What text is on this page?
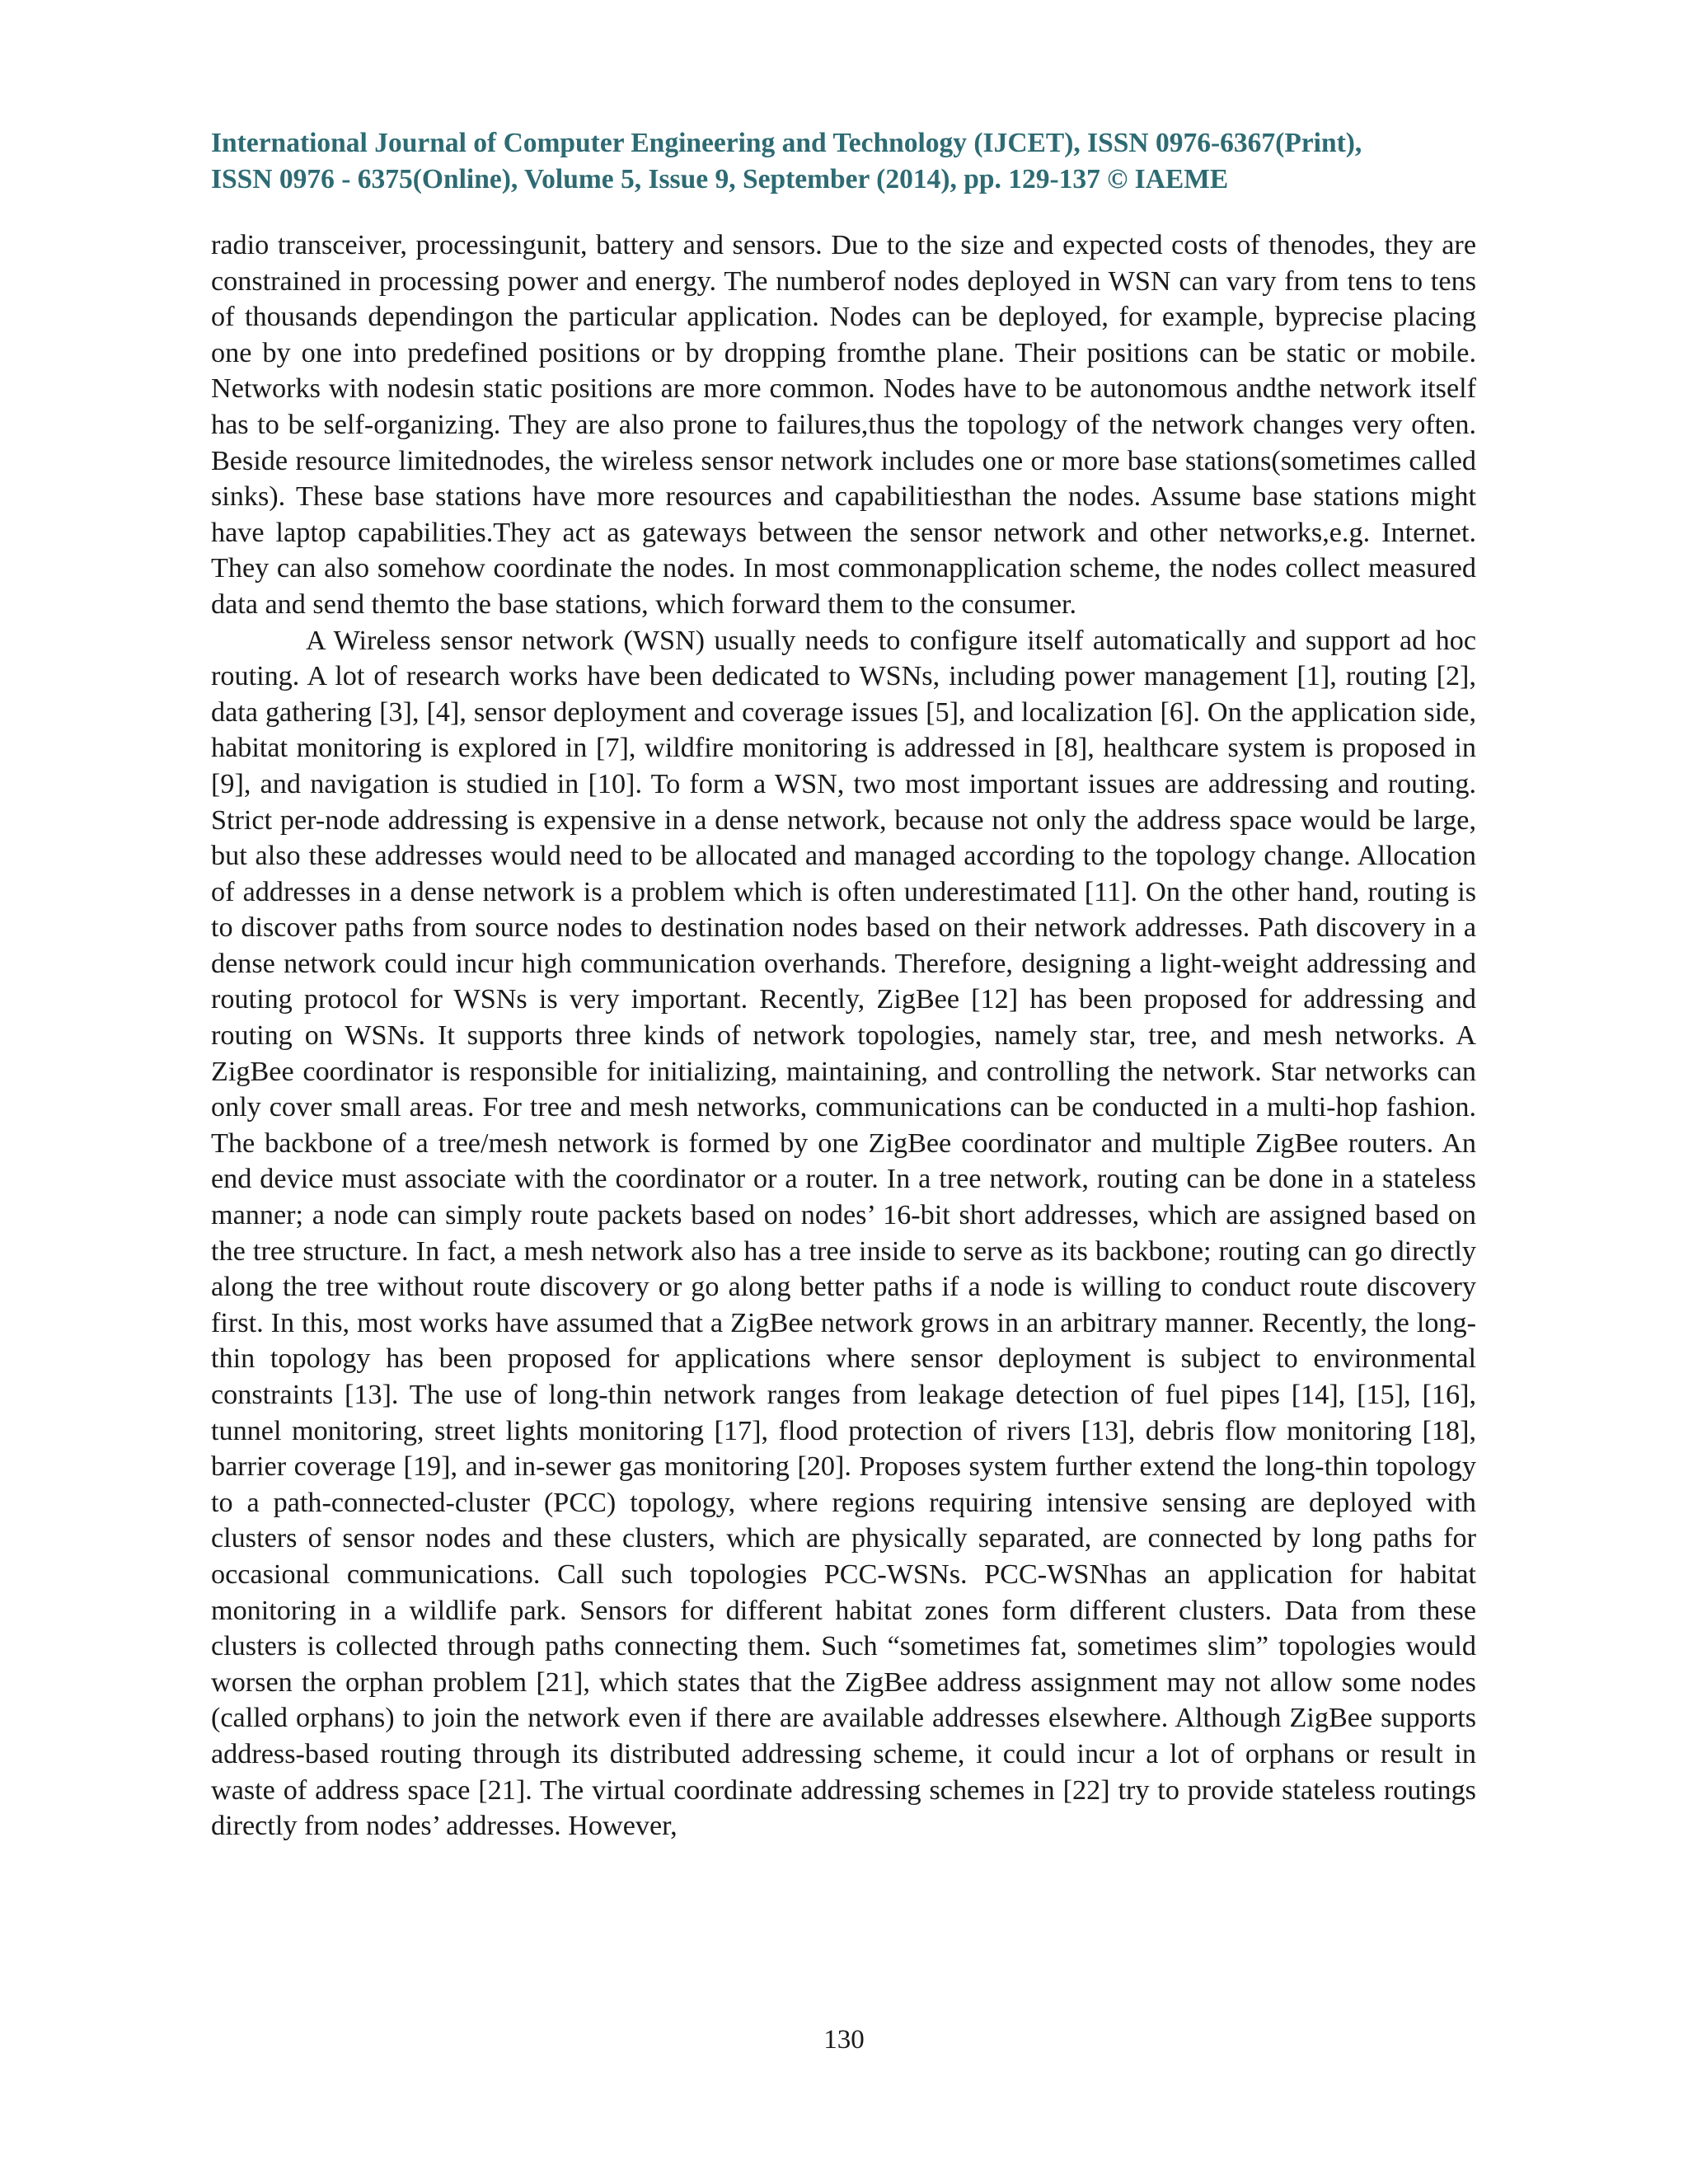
International Journal of Computer Engineering and Technology (IJCET), ISSN 0976-6367(Print),
ISSN 0976 - 6375(Online), Volume 5, Issue 9, September (2014), pp. 129-137 © IAEME

radio transceiver, processingunit, battery and sensors. Due to the size and expected costs of thenodes, they are constrained in processing power and energy. The numberof nodes deployed in WSN can vary from tens to tens of thousands dependingon the particular application. Nodes can be deployed, for example, byprecise placing one by one into predefined positions or by dropping fromthe plane. Their positions can be static or mobile. Networks with nodesin static positions are more common. Nodes have to be autonomous andthe network itself has to be self-organizing. They are also prone to failures,thus the topology of the network changes very often. Beside resource limitednodes, the wireless sensor network includes one or more base stations(sometimes called sinks). These base stations have more resources and capabilitiesthan the nodes. Assume base stations might have laptop capabilities.They act as gateways between the sensor network and other networks,e.g. Internet. They can also somehow coordinate the nodes. In most commonapplication scheme, the nodes collect measured data and send themto the base stations, which forward them to the consumer.

A Wireless sensor network (WSN) usually needs to configure itself automatically and support ad hoc routing. A lot of research works have been dedicated to WSNs, including power management [1], routing [2], data gathering [3], [4], sensor deployment and coverage issues [5], and localization [6]. On the application side, habitat monitoring is explored in [7], wildfire monitoring is addressed in [8], healthcare system is proposed in [9], and navigation is studied in [10]. To form a WSN, two most important issues are addressing and routing. Strict per-node addressing is expensive in a dense network, because not only the address space would be large, but also these addresses would need to be allocated and managed according to the topology change. Allocation of addresses in a dense network is a problem which is often underestimated [11]. On the other hand, routing is to discover paths from source nodes to destination nodes based on their network addresses. Path discovery in a dense network could incur high communication overhands. Therefore, designing a light-weight addressing and routing protocol for WSNs is very important. Recently, ZigBee [12] has been proposed for addressing and routing on WSNs. It supports three kinds of network topologies, namely star, tree, and mesh networks. A ZigBee coordinator is responsible for initializing, maintaining, and controlling the network. Star networks can only cover small areas. For tree and mesh networks, communications can be conducted in a multi-hop fashion. The backbone of a tree/mesh network is formed by one ZigBee coordinator and multiple ZigBee routers. An end device must associate with the coordinator or a router. In a tree network, routing can be done in a stateless manner; a node can simply route packets based on nodes’ 16-bit short addresses, which are assigned based on the tree structure. In fact, a mesh network also has a tree inside to serve as its backbone; routing can go directly along the tree without route discovery or go along better paths if a node is willing to conduct route discovery first. In this, most works have assumed that a ZigBee network grows in an arbitrary manner. Recently, the long-thin topology has been proposed for applications where sensor deployment is subject to environmental constraints [13]. The use of long-thin network ranges from leakage detection of fuel pipes [14], [15], [16], tunnel monitoring, street lights monitoring [17], flood protection of rivers [13], debris flow monitoring [18], barrier coverage [19], and in-sewer gas monitoring [20]. Proposes system further extend the long-thin topology to a path-connected-cluster (PCC) topology, where regions requiring intensive sensing are deployed with clusters of sensor nodes and these clusters, which are physically separated, are connected by long paths for occasional communications. Call such topologies PCC-WSNs. PCC-WSNhas an application for habitat monitoring in a wildlife park. Sensors for different habitat zones form different clusters. Data from these clusters is collected through paths connecting them. Such “sometimes fat, sometimes slim” topologies would worsen the orphan problem [21], which states that the ZigBee address assignment may not allow some nodes (called orphans) to join the network even if there are available addresses elsewhere. Although ZigBee supports address-based routing through its distributed addressing scheme, it could incur a lot of orphans or result in waste of address space [21]. The virtual coordinate addressing schemes in [22] try to provide stateless routings directly from nodes’ addresses. However,

130
